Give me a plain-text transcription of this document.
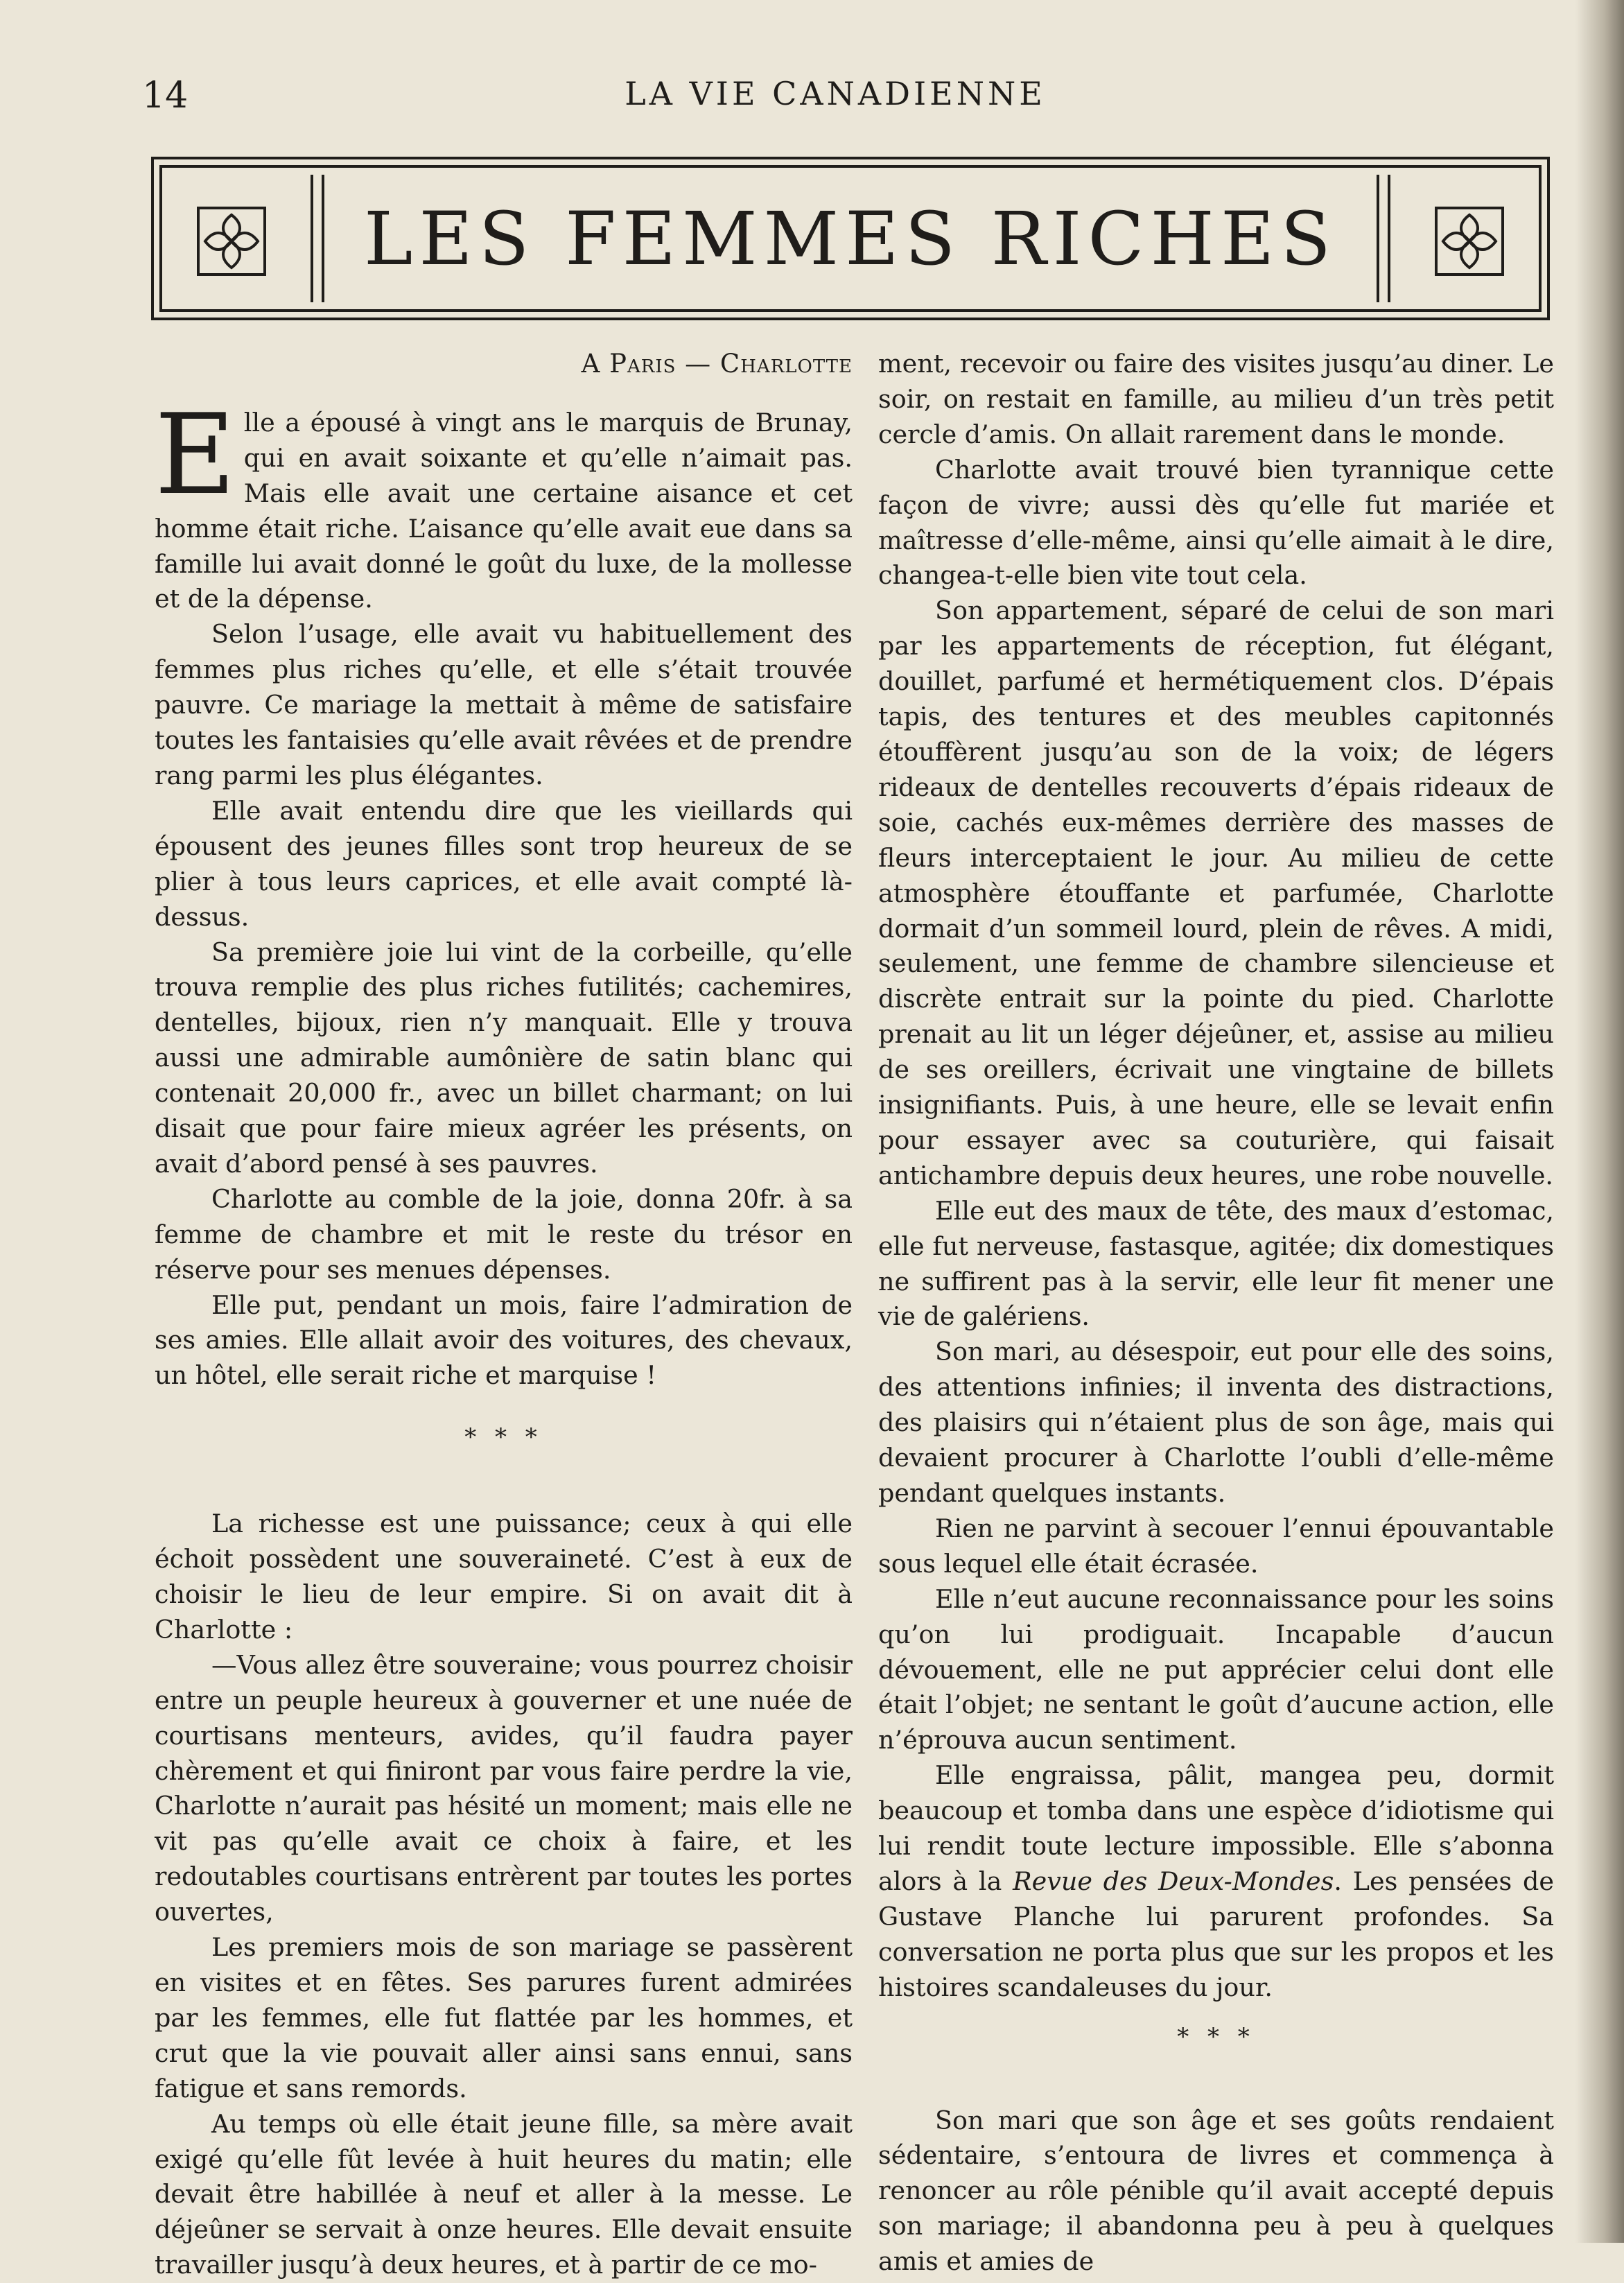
14	LA VIE CANADIENNE
LES FEMMES RICHES
A Paris — Charlotte

Elle a épousé à vingt ans le marquis de Brunay, qui en avait soixante et qu’elle n’aimait pas. Mais elle avait une certaine aisance et cet homme était riche. L’aisance qu’elle avait eue dans sa famille lui avait donné le goût du luxe, de la mollesse et de la dépense.

Selon l’usage, elle avait vu habituellement des femmes plus riches qu’elle, et elle s’était trouvée pauvre. Ce mariage la mettait à même de satisfaire toutes les fantaisies qu’elle avait rêvées et de prendre rang parmi les plus élégantes.

Elle avait entendu dire que les vieillards qui épousent des jeunes filles sont trop heureux de se plier à tous leurs caprices, et elle avait compté là-dessus.

Sa première joie lui vint de la corbeille, qu’elle trouva remplie des plus riches futilités; cachemires, dentelles, bijoux, rien n’y manquait. Elle y trouva aussi une admirable aumônière de satin blanc qui contenait 20,000 fr., avec un billet charmant; on lui disait que pour faire mieux agréer les présents, on avait d’abord pensé à ses pauvres.

Charlotte au comble de la joie, donna 20fr. à sa femme de chambre et mit le reste du trésor en réserve pour ses menues dépenses.

Elle put, pendant un mois, faire l’admiration de ses amies. Elle allait avoir des voitures, des chevaux, un hôtel, elle serait riche et marquise !

* * *

La richesse est une puissance; ceux à qui elle échoit possèdent une souveraineté. C’est à eux de choisir le lieu de leur empire. Si on avait dit à Charlotte :

—Vous allez être souveraine; vous pourrez choisir entre un peuple heureux à gouverner et une nuée de courtisans menteurs, avides, qu’il faudra payer chèrement et qui finiront par vous faire perdre la vie, Charlotte n’aurait pas hésité un moment; mais elle ne vit pas qu’elle avait ce choix à faire, et les redoutables courtisans entrèrent par toutes les portes ouvertes,

Les premiers mois de son mariage se passèrent en visites et en fêtes. Ses parures furent admirées par les femmes, elle fut flattée par les hommes, et crut que la vie pouvait aller ainsi sans ennui, sans fatigue et sans remords.

Au temps où elle était jeune fille, sa mère avait exigé qu’elle fût levée à huit heures du matin; elle devait être habillée à neuf et aller à la messe. Le déjeûner se servait à onze heures. Elle devait ensuite travailler jusqu’à deux heures, et à partir de ce mo-

ment, recevoir ou faire des visites jusqu’au diner. Le soir, on restait en famille, au milieu d’un très petit cercle d’amis. On allait rarement dans le monde.

Charlotte avait trouvé bien tyrannique cette façon de vivre; aussi dès qu’elle fut mariée et maîtresse d’elle-même, ainsi qu’elle aimait à le dire, changea-t-elle bien vite tout cela.

Son appartement, séparé de celui de son mari par les appartements de réception, fut élégant, douillet, parfumé et hermétiquement clos. D’épais tapis, des tentures et des meubles capitonnés étouffèrent jusqu’au son de la voix; de légers rideaux de dentelles recouverts d’épais rideaux de soie, cachés eux-mêmes derrière des masses de fleurs interceptaient le jour. Au milieu de cette atmosphère étouffante et parfumée, Charlotte dormait d’un sommeil lourd, plein de rêves. A midi, seulement, une femme de chambre silencieuse et discrète entrait sur la pointe du pied. Charlotte prenait au lit un léger déjeûner, et, assise au milieu de ses oreillers, écrivait une vingtaine de billets insignifiants. Puis, à une heure, elle se levait enfin pour essayer avec sa couturière, qui faisait antichambre depuis deux heures, une robe nouvelle.

Elle eut des maux de tête, des maux d’estomac, elle fut nerveuse, fastasque, agitée; dix domestiques ne suffirent pas à la servir, elle leur fit mener une vie de galériens.

Son mari, au désespoir, eut pour elle des soins, des attentions infinies; il inventa des distractions, des plaisirs qui n’étaient plus de son âge, mais qui devaient procurer à Charlotte l’oubli d’elle-même pendant quelques instants.

Rien ne parvint à secouer l’ennui épouvantable sous lequel elle était écrasée.

Elle n’eut aucune reconnaissance pour les soins qu’on lui prodiguait. Incapable d’aucun dévouement, elle ne put apprécier celui dont elle était l’objet; ne sentant le goût d’aucune action, elle n’éprouva aucun sentiment.

Elle engraissa, pâlit, mangea peu, dormit beaucoup et tomba dans une espèce d’idiotisme qui lui rendit toute lecture impossible. Elle s’abonna alors à la Revue des Deux-Mondes. Les pensées de Gustave Planche lui parurent profondes. Sa conversation ne porta plus que sur les propos et les histoires scandaleuses du jour.

* * *

Son mari que son âge et ses goûts rendaient sédentaire, s’entoura de livres et commença à renoncer au rôle pénible qu’il avait accepté depuis son mariage; il abandonna peu à peu à quelques amis et amies de
